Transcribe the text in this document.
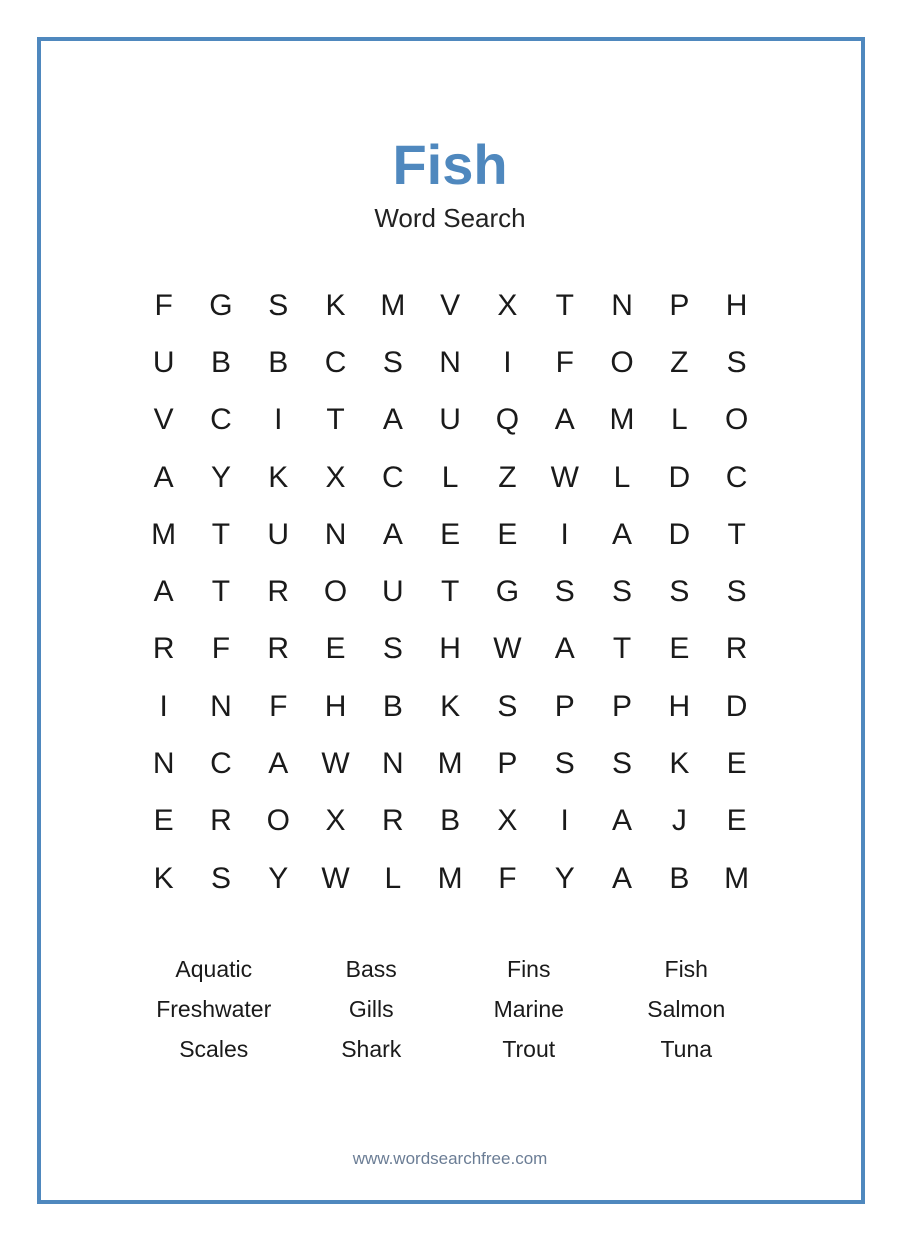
Fish
Word Search
F	G	S	K	M	V	X	T	N	P	H
U	B	B	C	S	N	I	F	O	Z	S
V	C	I	T	A	U	Q	A	M	L	O
A	Y	K	X	C	L	Z	W	L	D	C
M	T	U	N	A	E	E	I	A	D	T
A	T	R	O	U	T	G	S	S	S	S
R	F	R	E	S	H	W	A	T	E	R
I	N	F	H	B	K	S	P	P	H	D
N	C	A	W	N	M	P	S	S	K	E
E	R	O	X	R	B	X	I	A	J	E
K	S	Y	W	L	M	F	Y	A	B	M
Aquatic	Bass	Fins	Fish
Freshwater	Gills	Marine	Salmon
Scales	Shark	Trout	Tuna
www.wordsearchfree.com
